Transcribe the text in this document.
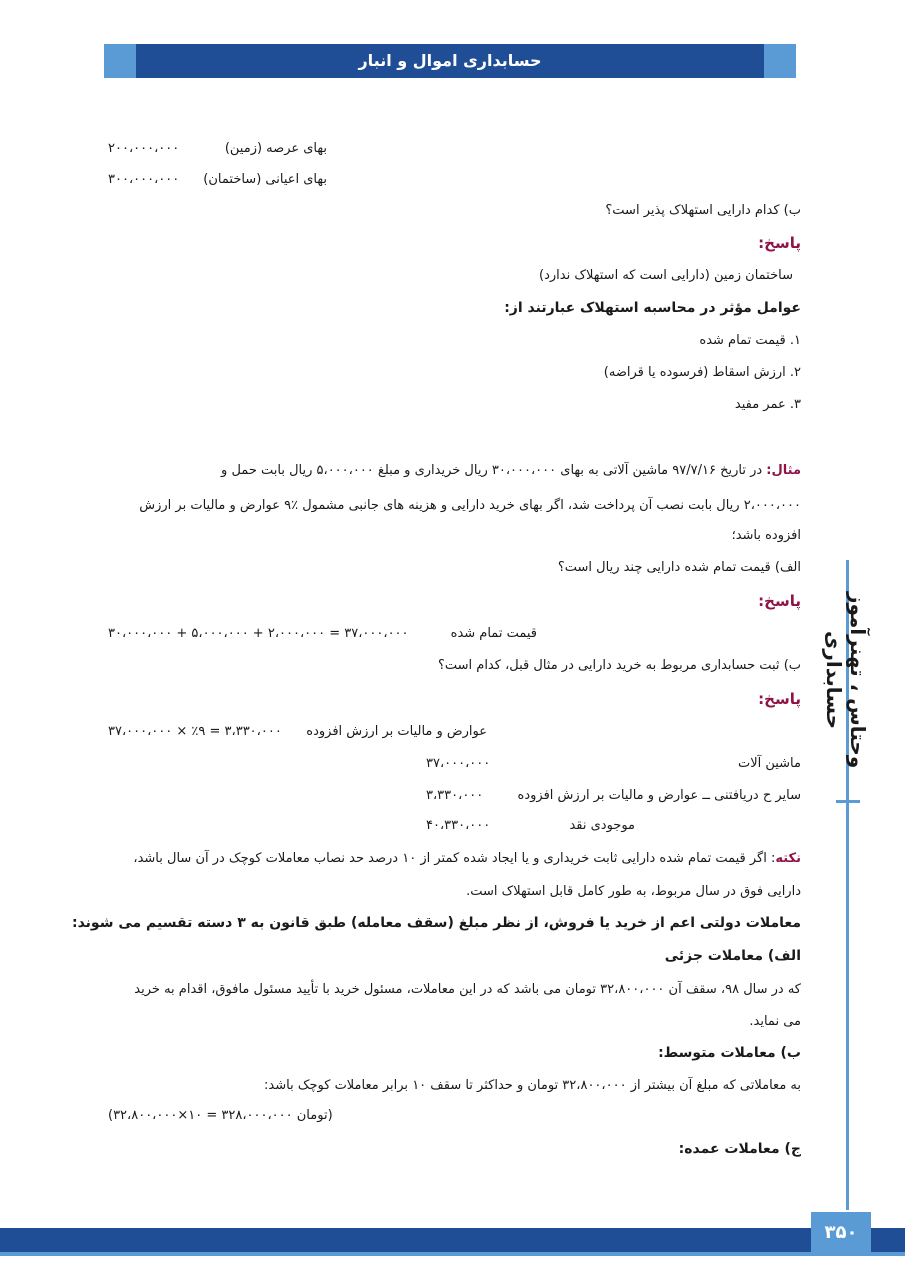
حسابداری اموال و انبار
بهای عرصه (زمین)
۲۰۰،۰۰۰،۰۰۰
بهای اعیانی (ساختمان)
۳۰۰،۰۰۰،۰۰۰
ب) کدام دارایی استهلاک پذیر است؟
پاسخ:
ساختمان زمین (دارایی است که استهلاک ندارد)
عوامل مؤثر در محاسبه استهلاک عبارتند از:
۱. قیمت تمام شده
۲. ارزش اسقاط (فرسوده یا قراضه)
۳. عمر مفید
مثال: در تاریخ ۹۷/۷/۱۶ ماشین آلاتی به بهای ۳۰،۰۰۰،۰۰۰ ریال خریداری و مبلغ ۵،۰۰۰،۰۰۰ ریال بابت حمل و
۲،۰۰۰،۰۰۰ ریال بابت نصب آن پرداخت شد، اگر بهای خرید دارایی و هزینه های جانبی مشمول ٪۹ عوارض و مالیات بر ارزش
افزوده باشد؛
الف) قیمت تمام شده دارایی چند ریال است؟
پاسخ:
قیمت تمام شده
۳۰،۰۰۰،۰۰۰ + ۵،۰۰۰،۰۰۰ + ۲،۰۰۰،۰۰۰ = ۳۷،۰۰۰،۰۰۰
ب) ثبت حسابداری مربوط به خرید دارایی در مثال قبل، کدام است؟
پاسخ:
عوارض و مالیات بر ارزش افزوده
۳۷،۰۰۰،۰۰۰ × ٪۹ = ۳،۳۳۰،۰۰۰
ماشین آلات
۳۷،۰۰۰،۰۰۰
سایر ح دریافتنی ــ عوارض و مالیات بر ارزش افزوده
۳،۳۳۰،۰۰۰
موجودی نقد
۴۰،۳۳۰،۰۰۰
نکته: اگر قیمت تمام شده دارایی ثابت خریداری و یا ایجاد شده کمتر از ۱۰ درصد حد نصاب معاملات کوچک در آن سال باشد،
دارایی فوق در سال مربوط، به طور کامل قابل استهلاک است.
معاملات دولتی اعم از خرید یا فروش، از نظر مبلغ (سقف معامله) طبق قانون به ۳ دسته تقسیم می شوند:
الف) معاملات جزئی
که در سال ۹۸، سقف آن ۳۲،۸۰۰،۰۰۰ تومان می باشد که در این معاملات، مسئول خرید با تأیید مسئول مافوق، اقدام به خرید
می نماید.
ب) معاملات متوسط:
به معاملاتی که مبلغ آن بیشتر از ۳۲،۸۰۰،۰۰۰ تومان و حداکثر تا سقف ۱۰ برابر معاملات کوچک باشد:
(تومان ۳۲۸،۰۰۰،۰۰۰ = ۱۰×۳۲،۸۰۰،۰۰۰)
ج) معاملات عمده:
وحتاس ، تهنرآموز حسابداری
۳۵۰
